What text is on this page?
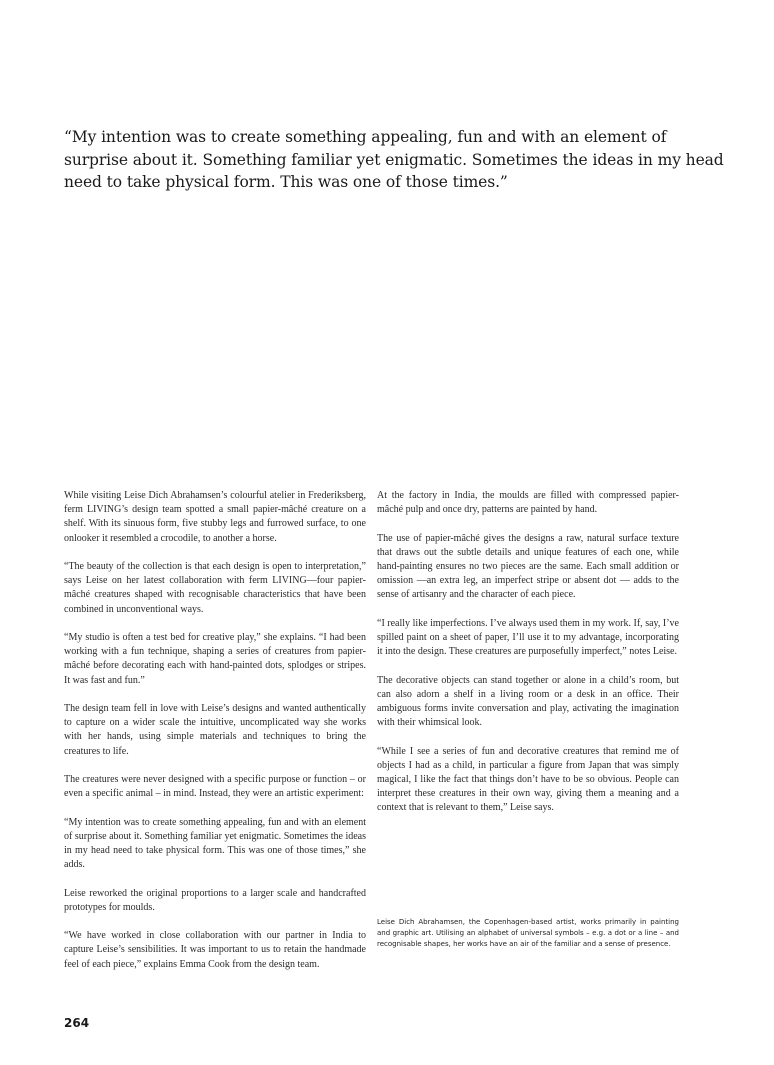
“My intention was to create something appealing, fun and with an element of surprise about it. Something familiar yet enigmatic. Sometimes the ideas in my head need to take physical form. This was one of those times.”

While visiting Leise Dich Abrahamsen’s colourful atelier in Frederiksberg, ferm LIVING’s design team spotted a small papier-mâché creature on a shelf. With its sinuous form, five stubby legs and furrowed surface, to one onlooker it resembled a crocodile, to another a horse.

“The beauty of the collection is that each design is open to interpretation,” says Leise on her latest collaboration with ferm LIVING—four papier-mâché creatures shaped with recognisable characteristics that have been combined in unconventional ways.

“My studio is often a test bed for creative play,” she explains. “I had been working with a fun technique, shaping a series of creatures from papier-mâché before decorating each with hand-painted dots, splodges or stripes. It was fast and fun.”

The design team fell in love with Leise’s designs and wanted authentically to capture on a wider scale the intuitive, uncomplicated way she works with her hands, using simple materials and techniques to bring the creatures to life.

The creatures were never designed with a specific purpose or function – or even a specific animal – in mind. Instead, they were an artistic experiment:

“My intention was to create something appealing, fun and with an element of surprise about it. Something familiar yet enigmatic. Sometimes the ideas in my head need to take physical form. This was one of those times,” she adds.

Leise reworked the original proportions to a larger scale and handcrafted prototypes for moulds.

“We have worked in close collaboration with our partner in India to capture Leise’s sensibilities. It was important to us to retain the handmade feel of each piece,” explains Emma Cook from the design team.

At the factory in India, the moulds are filled with compressed papier-mâché pulp and once dry, patterns are painted by hand.

The use of papier-mâché gives the designs a raw, natural surface texture that draws out the subtle details and unique features of each one, while hand-painting ensures no two pieces are the same. Each small addition or omission —an extra leg, an imperfect stripe or absent dot — adds to the sense of artisanry and the character of each piece.

“I really like imperfections. I’ve always used them in my work. If, say, I’ve spilled paint on a sheet of paper, I’ll use it to my advantage, incorporating it into the design. These creatures are purposefully imperfect,” notes Leise.

The decorative objects can stand together or alone in a child’s room, but can also adorn a shelf in a living room or a desk in an office. Their ambiguous forms invite conversation and play, activating the imagination with their whimsical look.

“While I see a series of fun and decorative creatures that remind me of objects I had as a child, in particular a figure from Japan that was simply magical, I like the fact that things don’t have to be so obvious. People can interpret these creatures in their own way, giving them a meaning and a context that is relevant to them,” Leise says.

Leise Dich Abrahamsen, the Copenhagen-based artist, works primarily in painting and graphic art. Utilising an alphabet of universal symbols – e.g. a dot or a line – and recognisable shapes, her works have an air of the familiar and a sense of presence.

264
